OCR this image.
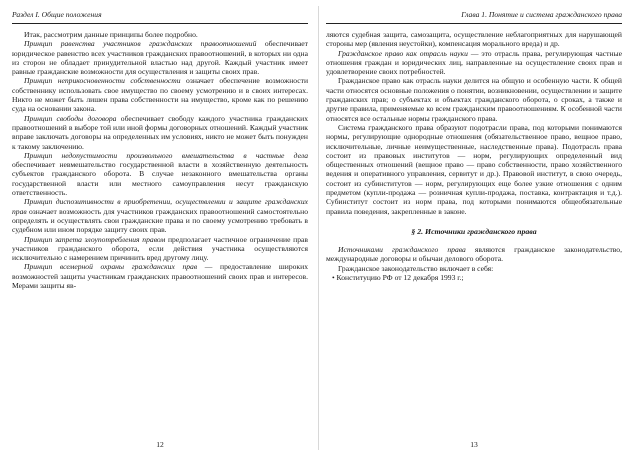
Раздел I. Общие положения

Итак, рассмотрим данные принципы более подробно.

Принцип равенства участников гражданских правоотношений обеспечивает юридическое равенство всех участников гражданских правоотношений, в которых ни одна из сторон не обладает принудительной властью над другой. Каждый участник имеет равные гражданские возможности для осуществления и защиты своих прав.

Принцип неприкосновенности собственности означает обеспечение возможности собственнику использовать свое имущество по своему усмотрению и в своих интересах. Никто не может быть лишен права собственности на имущество, кроме как по решению суда на основании закона.

Принцип свободы договора обеспечивает свободу каждого участника гражданских правоотношений в выборе той или иной формы договорных отношений. Каждый участник вправе заключать договоры на определенных им условиях, никто не может быть понужден к такому заключению.

Принцип недопустимости произвольного вмешательства в частные дела обеспечивает невмешательство государственной власти в хозяйственную деятельность субъектов гражданского оборота. В случае незаконного вмешательства органы государственной власти или местного самоуправления несут гражданскую ответственность.

Принцип диспозитивности в приобретении, осуществлении и защите гражданских прав означает возможность для участников гражданских правоотношений самостоятельно определять и осуществлять свои гражданские права и по своему усмотрению требовать в судебном или ином порядке защиту своих прав.

Принцип запрета злоупотребления правом предполагает частичное ограничение прав участников гражданского оборота, если действия участника осуществляются исключительно с намерением причинить вред другому лицу.

Принцип всемерной охраны гражданских прав — предоставление широких возможностей защиты участникам гражданских правоотношений своих прав и интересов. Мерами защиты яв-

12
Глава 1. Понятие и система гражданского права

ляются судебная защита, самозащита, осуществление неблагоприятных для нарушающей стороны мер (явления неустойки), компенсация морального вреда) и др.

Гражданское право как отрасль науки — это отрасль права, регулирующая частные отношения граждан и юридических лиц, направленные на осуществление своих прав и удовлетворение своих потребностей.

Гражданское право как отрасль науки делится на общую и особенную части. К общей части относятся основные положения о понятии, возникновении, осуществлении и защите гражданских прав; о субъектах и объектах гражданского оборота, о сроках, а также и другие правила, применяемые ко всем гражданским правоотношениям. К особенной части относятся все остальные нормы гражданского права.

Система гражданского права образуют подотрасли права, под которыми понимаются нормы, регулирующие однородные отношения (обязательственное право, вещное право, исключительные, личные неимущественные, наследственные права). Подотрасль права состоит из правовых институтов — норм, регулирующих определенный вид общественных отношений (вещное право — право собственности, право хозяйственного ведения и оперативного управления, сервитут и др.). Правовой институт, в свою очередь, состоит из субинститутов — норм, регулирующих еще более узкие отношения с одним предметом (купли-продажа — розничная купли-продажа, поставка, контрактация и т.д.). Субинститут состоит из норм права, под которыми понимаются общеобязательные правила поведения, закрепленные в законе.

§ 2. Источники гражданского права

Источниками гражданского права являются гражданское законодательство, международные договоры и обычаи делового оборота.

Гражданское законодательство включает в себя:

• Конституцию РФ от 12 декабря 1993 г.;

13
